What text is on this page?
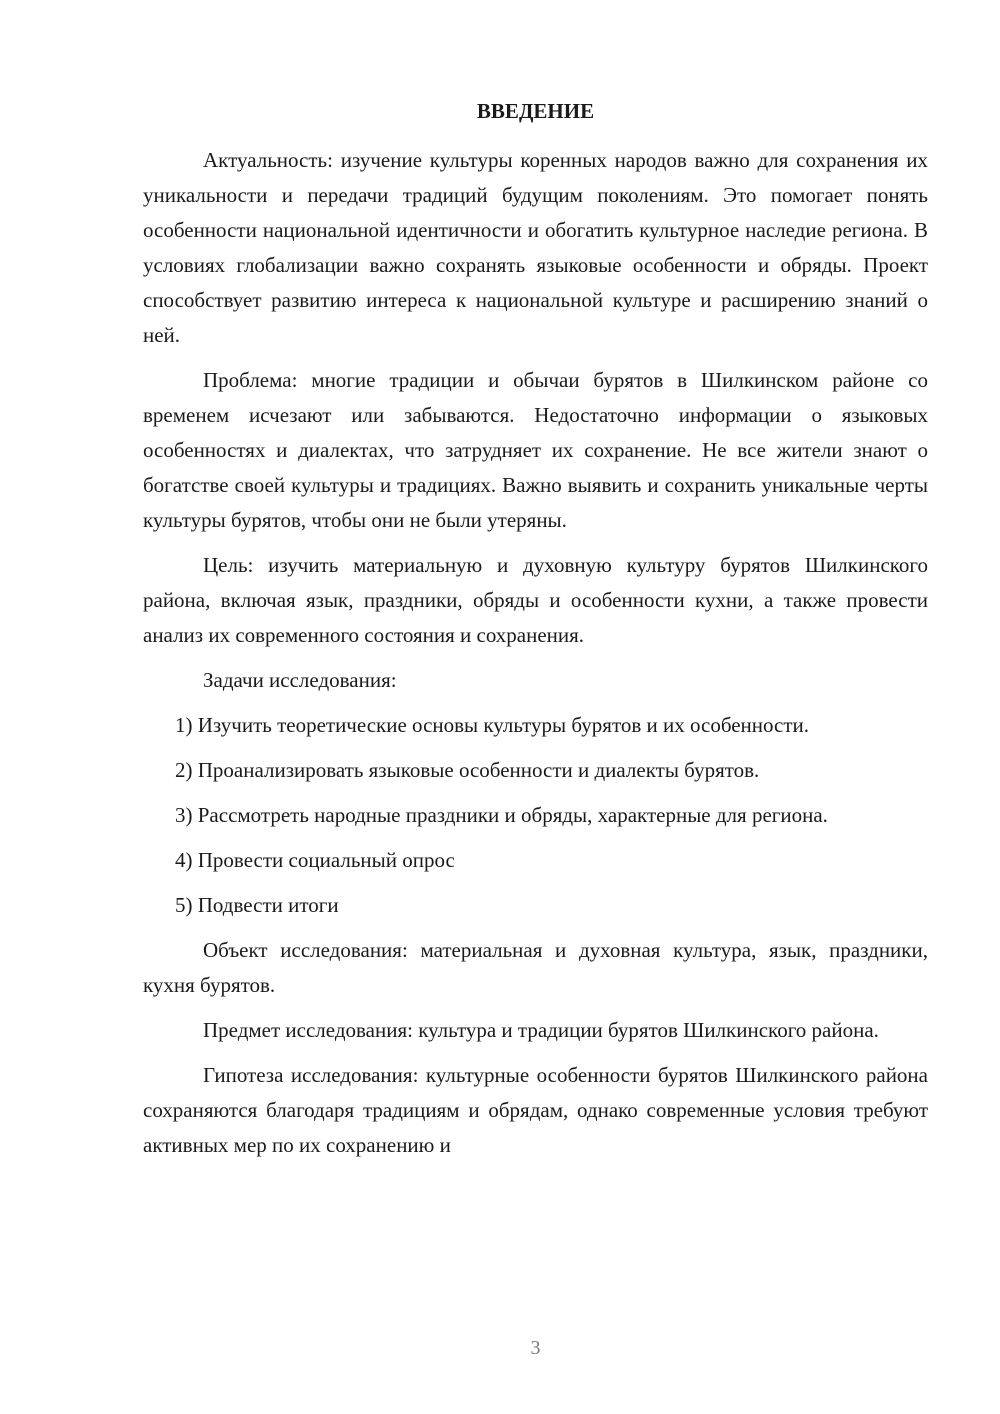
ВВЕДЕНИЕ

Актуальность: изучение культуры коренных народов важно для сохранения их уникальности и передачи традиций будущим поколениям. Это помогает понять особенности национальной идентичности и обогатить культурное наследие региона. В условиях глобализации важно сохранять языковые особенности и обряды. Проект способствует развитию интереса к национальной культуре и расширению знаний о ней.

Проблема: многие традиции и обычаи бурятов в Шилкинском районе со временем исчезают или забываются. Недостаточно информации о языковых особенностях и диалектах, что затрудняет их сохранение. Не все жители знают о богатстве своей культуры и традициях. Важно выявить и сохранить уникальные черты культуры бурятов, чтобы они не были утеряны.

Цель: изучить материальную и духовную культуру бурятов Шилкинского района, включая язык, праздники, обряды и особенности кухни, а также провести анализ их современного состояния и сохранения.

Задачи исследования:

1) Изучить теоретические основы культуры бурятов и их особенности.

2) Проанализировать языковые особенности и диалекты бурятов.

3) Рассмотреть народные праздники и обряды, характерные для региона.

4) Провести социальный опрос

5) Подвести итоги

Объект исследования: материальная и духовная культура, язык, праздники, кухня бурятов.

Предмет исследования: культура и традиции бурятов Шилкинского района.

Гипотеза исследования: культурные особенности бурятов Шилкинского района сохраняются благодаря традициям и обрядам, однако современные условия требуют активных мер по их сохранению и

3
